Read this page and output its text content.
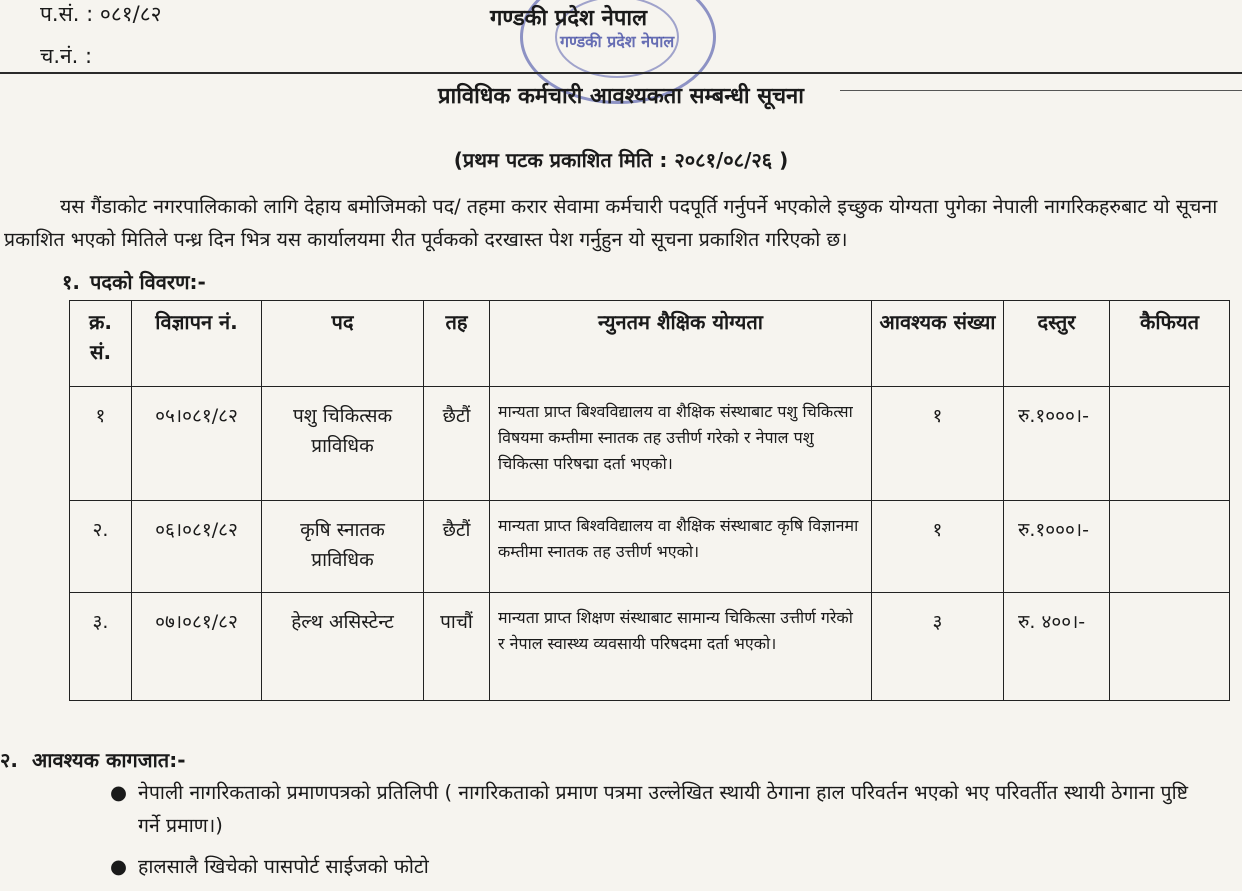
प.सं. : ०८१/८२
च.नं. :
गण्डकी प्रदेश नेपाल
गण्डकी प्रदेश नेपाल
प्राविधिक कर्मचारी आवश्यकता सम्बन्धी सूचना
(प्रथम पटक प्रकाशित मिति : २०८१/०८/२६ )
यस गैंडाकोट नगरपालिकाको लागि देहाय बमोजिमको पद/ तहमा करार सेवामा कर्मचारी पदपूर्ति गर्नुपर्ने भएकोले इच्छुक योग्यता पुगेका नेपाली नागरिकहरुबाट यो सूचना प्रकाशित भएको मितिले पन्ध्र दिन भित्र यस कार्यालयमा रीत पूर्वकको दरखास्त पेश गर्नुहुन यो सूचना प्रकाशित गरिएको छ।
१. पदको विवरण:-
क्र. सं.	विज्ञापन नं.	पद	तह	न्युनतम शैक्षिक योग्यता	आवश्यक संख्या	दस्तुर	कैफियत
१	०५।०८१/८२	पशु चिकित्सक प्राविधिक	छैटौं	मान्यता प्राप्त बिश्वविद्यालय वा शैक्षिक संस्थाबाट पशु चिकित्सा विषयमा कम्तीमा स्नातक तह उत्तीर्ण गरेको र नेपाल पशु चिकित्सा परिषद्मा दर्ता भएको।	१	रु.१०००।-	
२.	०६।०८१/८२	कृषि स्नातक प्राविधिक	छैटौं	मान्यता प्राप्त बिश्वविद्यालय वा शैक्षिक संस्थाबाट कृषि विज्ञानमा कम्तीमा स्नातक तह उत्तीर्ण भएको।	१	रु.१०००।-	
३.	०७।०८१/८२	हेल्थ असिस्टेन्ट	पाचौं	मान्यता प्राप्त शिक्षण संस्थाबाट सामान्य चिकित्सा उत्तीर्ण गरेको र नेपाल स्वास्थ्य व्यवसायी परिषदमा दर्ता भएको।	३	रु. ४००।-	
२. आवश्यक कागजात:-
● नेपाली नागरिकताको प्रमाणपत्रको प्रतिलिपी ( नागरिकताको प्रमाण पत्रमा उल्लेखित स्थायी ठेगाना हाल परिवर्तन भएको भए परिवर्तीत स्थायी ठेगाना पुष्टि गर्ने प्रमाण।)
● हालसालै खिचेको पासपोर्ट साईजको फोटो
